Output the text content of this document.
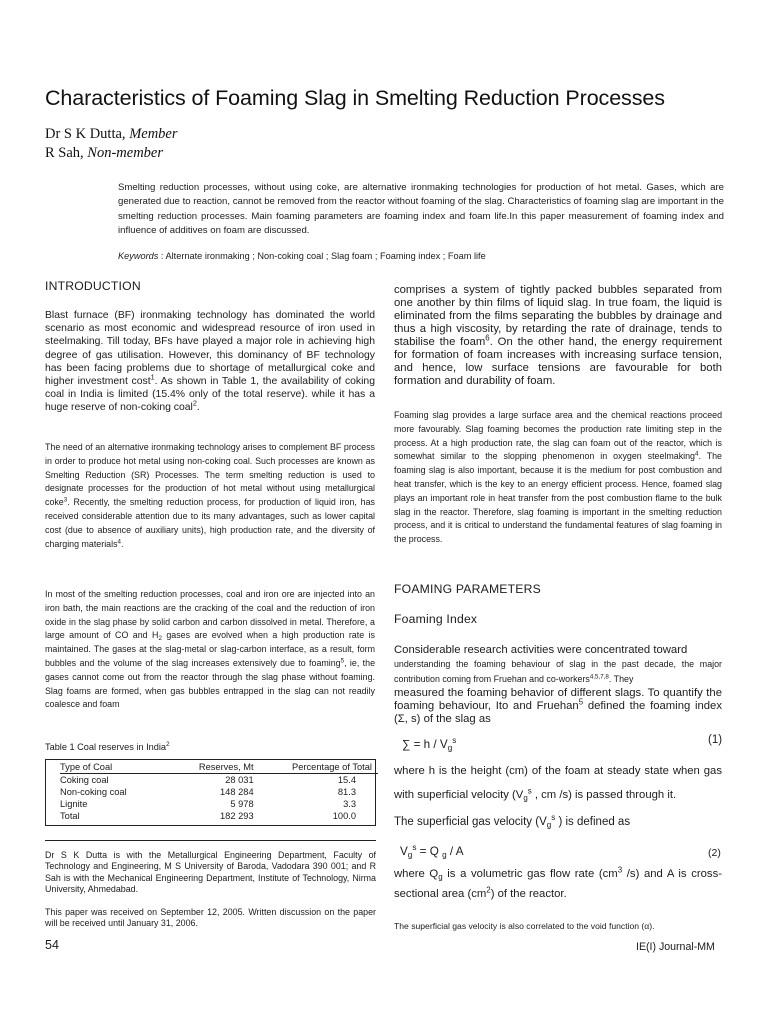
Characteristics of Foaming Slag in Smelting Reduction Processes
Dr S K Dutta, Member
R Sah, Non-member
Smelting reduction processes, without using coke, are alternative ironmaking technologies for production of hot metal. Gases, which are generated due to reaction, cannot be removed from the reactor without foaming of the slag. Characteristics of foaming slag are important in the smelting reduction processes. Main foaming parameters are foaming index and foam life.In this paper measurement of foaming index and influence of additives on foam are discussed.
Keywords : Alternate ironmaking ; Non-coking coal ; Slag foam ; Foaming index ; Foam life
INTRODUCTION
Blast furnace (BF) ironmaking technology has dominated the world scenario as most economic and widespread resource of iron used in steelmaking. Till today, BFs have played a major role in achieving high degree of gas utilisation. However, this dominancy of BF technology has been facing problems due to shortage of metallurgical coke and higher investment cost$^1$. As shown in Table 1, the availability of coking coal in India is limited (15.4% only of the total reserve). while it has a huge reserve of non-coking coal$^2$.
The need of an alternative ironmaking technology arises to complement BF process in order to produce hot metal using non-coking coal. Such processes are known as Smelting Reduction (SR) Processes. The term smelting reduction is used to designate processes for the production of hot metal without using metallurgical coke$^3$. Recently, the smelting reduction process, for production of liquid iron, has received considerable attention due to its many advantages, such as lower capital cost (due to absence of auxiliary units), high production rate, and the diversity of charging materials$^4$.
In most of the smelting reduction processes, coal and iron ore are injected into an iron bath, the main reactions are the cracking of the coal and the reduction of iron oxide in the slag phase by solid carbon and carbon dissolved in metal. Therefore, a large amount of CO and $H_2$ gases are evolved when a high production rate is maintained. The gases at the slag-metal or slag-carbon interface, as a result, form bubbles and the volume of the slag increases extensively due to foaming$^5$, ie, the gases cannot come out from the reactor through the slag phase without foaming. Slag foams are formed, when gas bubbles entrapped in the slag can not readily coalesce and foam
Table 1 Coal reserves in India$^2$
Type of Coal	Reserves, Mt	Percentage of Total
Coking coal	28 031	15.4
Non-coking coal	148 284	81.3
Lignite	5 978	3.3
Total	182 293	100.0
Dr S K Dutta is with the Metallurgical Engineering Department, Faculty of Technology and Engineering, M S University of Baroda, Vadodara 390 001; and R Sah is with the Mechanical Engineering Department, Institute of Technology, Nirma University, Ahmedabad.
This paper was received on September 12, 2005. Written discussion on the paper will be received until January 31, 2006.
54	IE(I) Journal-MM
comprises a system of tightly packed bubbles separated from one another by thin films of liquid slag. In true foam, the liquid is eliminated from the films separating the bubbles by drainage and thus a high viscosity, by retarding the rate of drainage, tends to stabilise the foam$^6$. On the other hand, the energy requirement for formation of foam increases with increasing surface tension, and hence, low surface tensions are favourable for both formation and durability of foam.
Foaming slag provides a large surface area and the chemical reactions proceed more favourably. Slag foaming becomes the production rate limiting step in the process. At a high production rate, the slag can foam out of the reactor, which is somewhat similar to the slopping phenomenon in oxygen steelmaking$^4$. The foaming slag is also important, because it is the medium for post combustion and heat transfer, which is the key to an energy efficient process. Hence, foamed slag plays an important role in heat transfer from the post combustion flame to the bulk slag in the reactor. Therefore, slag foaming is important in the smelting reduction process, and it is critical to understand the fundamental features of slag foaming in the process.
FOAMING PARAMETERS
Foaming Index
Considerable research activities were concentrated toward
understanding the foaming behaviour of slag in the past decade, the major contribution coming from Fruehan and co-workers$^{4,5,7,8}$. They
measured the foaming behavior of different slags. To quantify the foaming behaviour, Ito and Fruehan$^5$ defined the foaming index (Σ, s) of the slag as
∑ = h / $V_g^s$	(1)
where h is the height (cm) of the foam at steady state when gas with superficial velocity ($V_g^s$ , cm /s) is passed through it.
The superficial gas velocity ($V_g^s$ ) is defined as
$V_g^s = Q$ $_g$ / A	(2)
where $Q_g$ is a volumetric gas flow rate ($cm^3$ /s) and A is cross-sectional area $(cm^2)$ of the reactor.
The superficial gas velocity is also correlated to the void function (α).
